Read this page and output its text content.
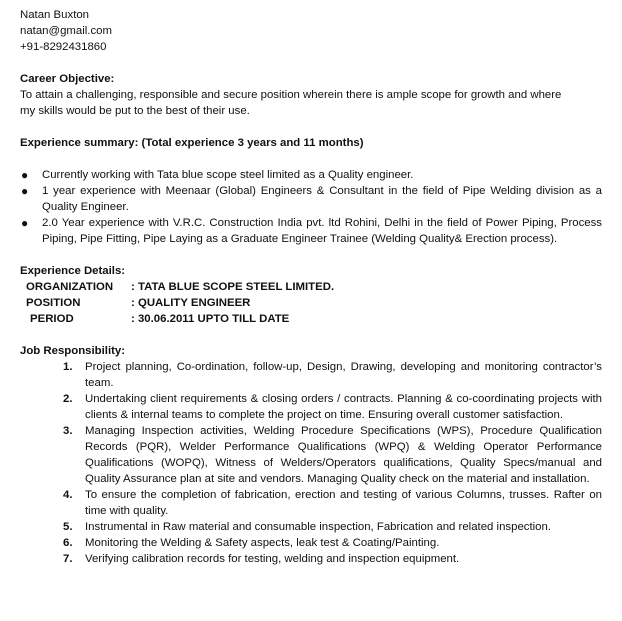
Natan Buxton
natan@gmail.com
+91-8292431860
Career Objective:
To attain a challenging, responsible and secure position wherein there is ample scope for growth and where my skills would be put to the best of their use.
Experience summary: (Total experience 3 years and 11 months)
● Currently working with Tata blue scope steel limited as a Quality engineer.
● 1 year experience with Meenaar (Global) Engineers & Consultant in the field of Pipe Welding division as a Quality Engineer.
● 2.0 Year experience with V.R.C. Construction India pvt. ltd Rohini, Delhi in the field of Power Piping, Process Piping, Pipe Fitting, Pipe Laying as a Graduate Engineer Trainee (Welding Quality& Erection process).
Experience Details:
ORGANIZATION	: TATA BLUE SCOPE STEEL LIMITED.
POSITION	: QUALITY ENGINEER
PERIOD	: 30.06.2011 UPTO TILL DATE
Job Responsibility:
1. Project planning, Co-ordination, follow-up, Design, Drawing, developing and monitoring contractor’s team.
2. Undertaking client requirements & closing orders / contracts. Planning & co-coordinating projects with clients & internal teams to complete the project on time. Ensuring overall customer satisfaction.
3. Managing Inspection activities, Welding Procedure Specifications (WPS), Procedure Qualification Records (PQR), Welder Performance Qualifications (WPQ) & Welding Operator Performance Qualifications (WOPQ), Witness of Welders/Operators qualifications, Quality Specs/manual and Quality Assurance plan at site and vendors. Managing Quality check on the material and installation.
4. To ensure the completion of fabrication, erection and testing of various Columns, trusses. Rafter on time with quality.
5. Instrumental in Raw material and consumable inspection, Fabrication and related inspection.
6. Monitoring the Welding & Safety aspects, leak test & Coating/Painting.
7. Verifying calibration records for testing, welding and inspection equipment.
